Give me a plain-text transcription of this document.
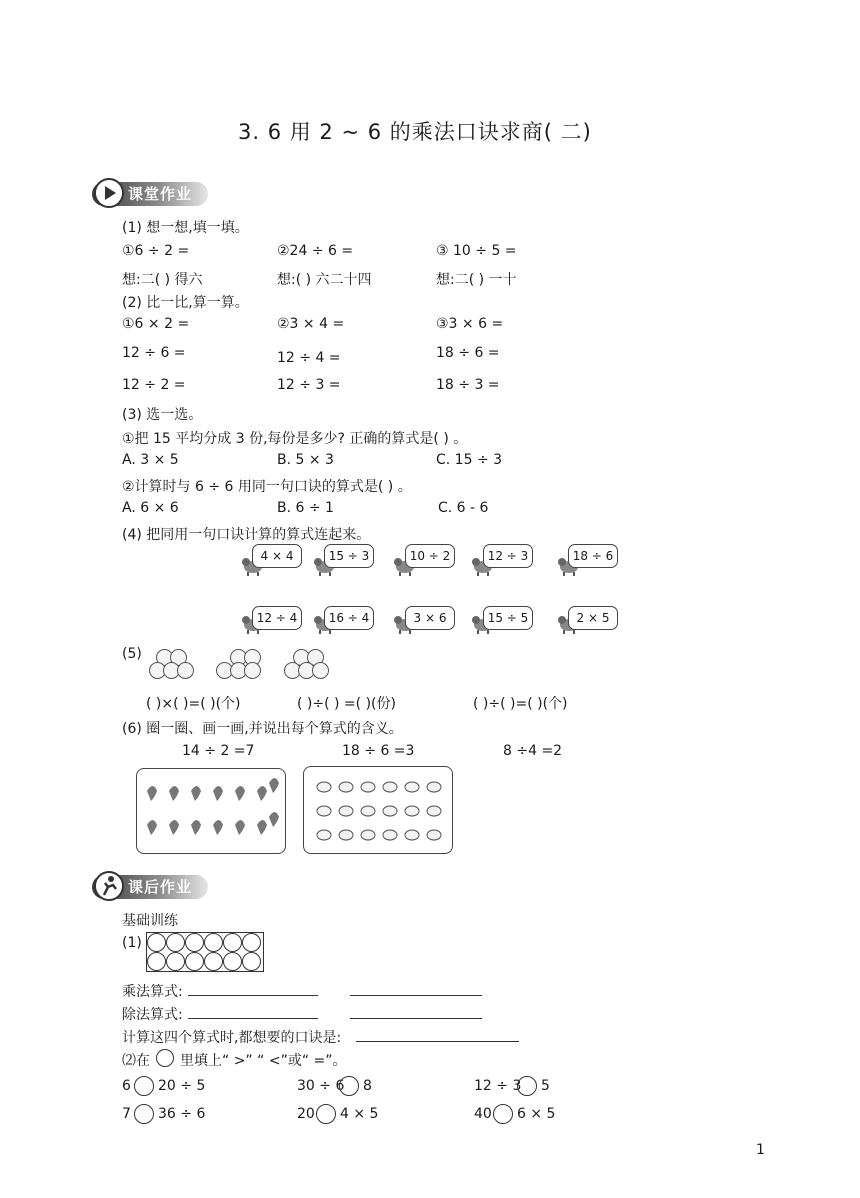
3. 6 用 2 ~ 6 的乘法口诀求商( 二)
课堂作业
(1) 想一想,填一填。
①6 ÷ 2 =	②24 ÷ 6 =	③ 10 ÷ 5 =
想:二( ) 得六	想:( ) 六二十四	想:二( ) 一十
(2) 比一比,算一算。
①6 × 2 =	②3 × 4 =	③3 × 6 =
12 ÷ 6 =	12 ÷ 4 =	18 ÷ 6 =
12 ÷ 2 =	12 ÷ 3 =	18 ÷ 3 =
(3) 选一选。
①把 15 平均分成 3 份,每份是多少? 正确的算式是( ) 。
A. 3 × 5	B. 5 × 3	C. 15 ÷ 3
②计算时与 6 ÷ 6 用同一句口诀的算式是( ) 。
A. 6 × 6	B. 6 ÷ 1	C. 6 - 6
(4) 把同用一句口诀计算的算式连起来。
4 × 4	15 ÷ 3	10 ÷ 2	12 ÷ 3	18 ÷ 6
12 ÷ 4	16 ÷ 4	3 × 6	15 ÷ 5	2 × 5
(5)
( )×( )=( )(个)	( )÷( ) =( )(份)	( )÷( )=( )(个)
(6) 圈一圈、画一画,并说出每个算式的含义。
14 ÷ 2 =7	18 ÷ 6 =3	8 ÷4 =2
课后作业
基础训练
(1)
乘法算式:
除法算式:
计算这四个算式时,都想要的口诀是:
⑵在 里填上“ >” “ <”或“ =”。
6 20 ÷ 5	30 ÷ 6 8	12 ÷ 3 5
7 36 ÷ 6	20 4 × 5	40 6 × 5
1
